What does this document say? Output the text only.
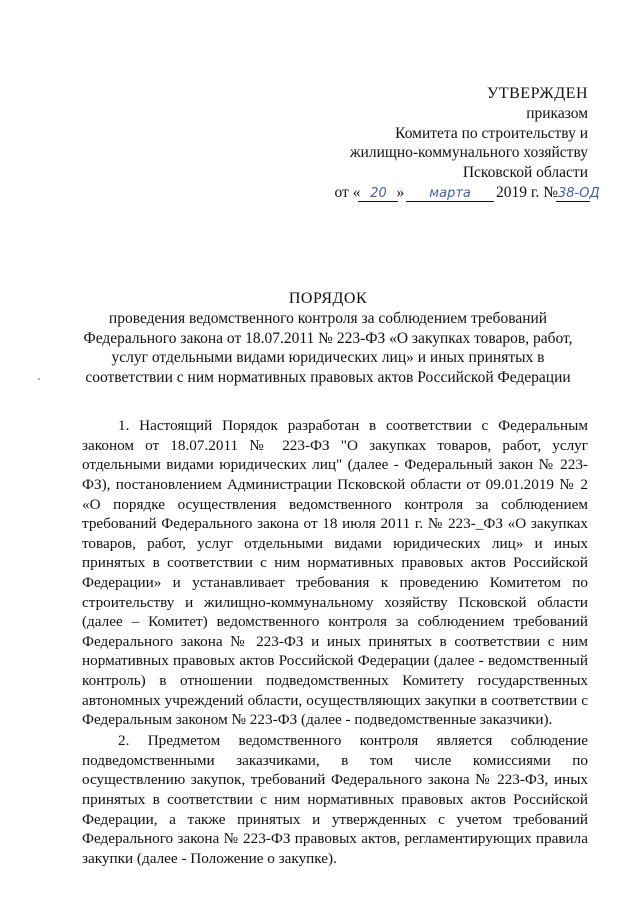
УТВЕРЖДЕН
приказом
Комитета по строительству и
жилищно-коммунального хозяйству
Псковской области
от « 20 » марта 2019 г. №38-ОД
ПОРЯДОК
проведения ведомственного контроля за соблюдением требований
Федерального закона от 18.07.2011 № 223-ФЗ «О закупках товаров, работ,
услуг отдельными видами юридических лиц» и иных принятых в
соответствии с ним нормативных правовых актов Российской Федерации

1. Настоящий Порядок разработан в соответствии с Федеральным законом от 18.07.2011 № 223-ФЗ "О закупках товаров, работ, услуг отдельными видами юридических лиц" (далее - Федеральный закон № 223-ФЗ), постановлением Администрации Псковской области от 09.01.2019 № 2 «О порядке осуществления ведомственного контроля за соблюдением требований Федерального закона от 18 июля 2011 г. № 223-_ФЗ «О закупках товаров, работ, услуг отдельными видами юридических лиц» и иных принятых в соответствии с ним нормативных правовых актов Российской Федерации» и устанавливает требования к проведению Комитетом по строительству и жилищно-коммунальному хозяйству Псковской области (далее – Комитет) ведомственного контроля за соблюдением требований Федерального закона № 223-ФЗ и иных принятых в соответствии с ним нормативных правовых актов Российской Федерации (далее - ведомственный контроль) в отношении подведомственных Комитету государственных автономных учреждений области, осуществляющих закупки в соответствии с Федеральным законом № 223-ФЗ (далее - подведомственные заказчики).

2. Предметом ведомственного контроля является соблюдение подведомственными заказчиками, в том числе комиссиями по осуществлению закупок, требований Федерального закона № 223-ФЗ, иных принятых в соответствии с ним нормативных правовых актов Российской Федерации, а также принятых и утвержденных с учетом требований Федерального закона № 223-ФЗ правовых актов, регламентирующих правила закупки (далее - Положение о закупке).
